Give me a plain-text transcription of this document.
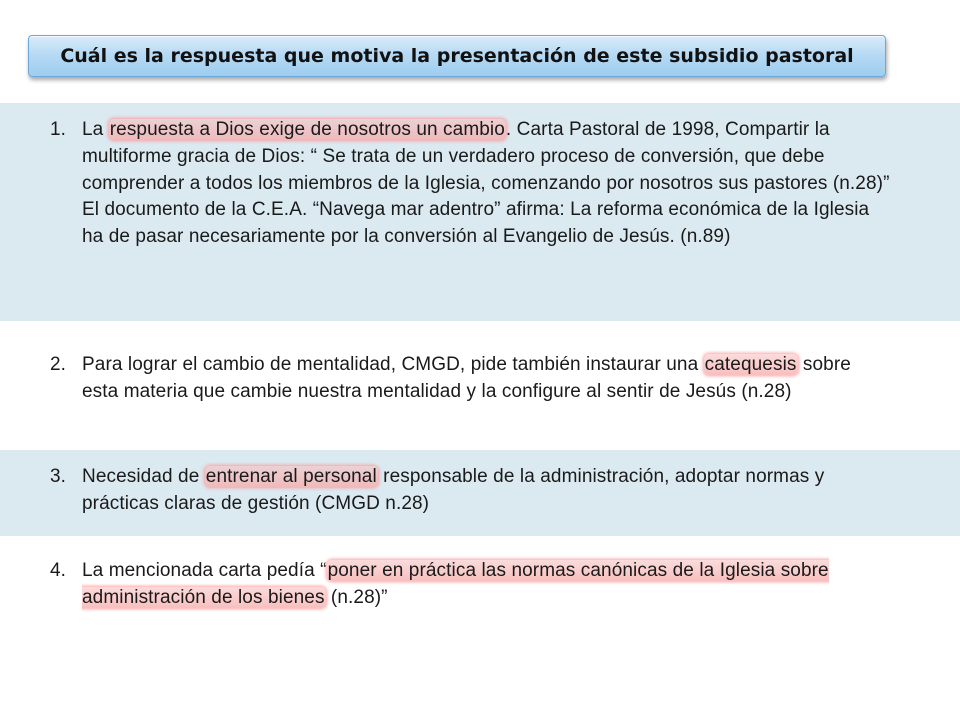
Cuál es la respuesta que motiva la presentación de este subsidio pastoral
1. La respuesta a Dios exige de nosotros un cambio. Carta Pastoral de 1998, Compartir la multiforme gracia de Dios: “ Se trata de un verdadero proceso de conversión, que debe comprender a todos los miembros de la Iglesia, comenzando por nosotros sus pastores (n.28)”
El documento de la C.E.A. “Navega mar adentro” afirma: La reforma económica de la Iglesia ha de pasar necesariamente por la conversión al Evangelio de Jesús. (n.89)
2. Para lograr el cambio de mentalidad, CMGD, pide también instaurar una catequesis sobre esta materia que cambie nuestra mentalidad y la configure al sentir de Jesús (n.28)
3. Necesidad de entrenar al personal responsable de la administración, adoptar normas y prácticas claras de gestión (CMGD n.28)
4. La mencionada carta pedía “poner en práctica las normas canónicas de la Iglesia sobre administración de los bienes (n.28)”
